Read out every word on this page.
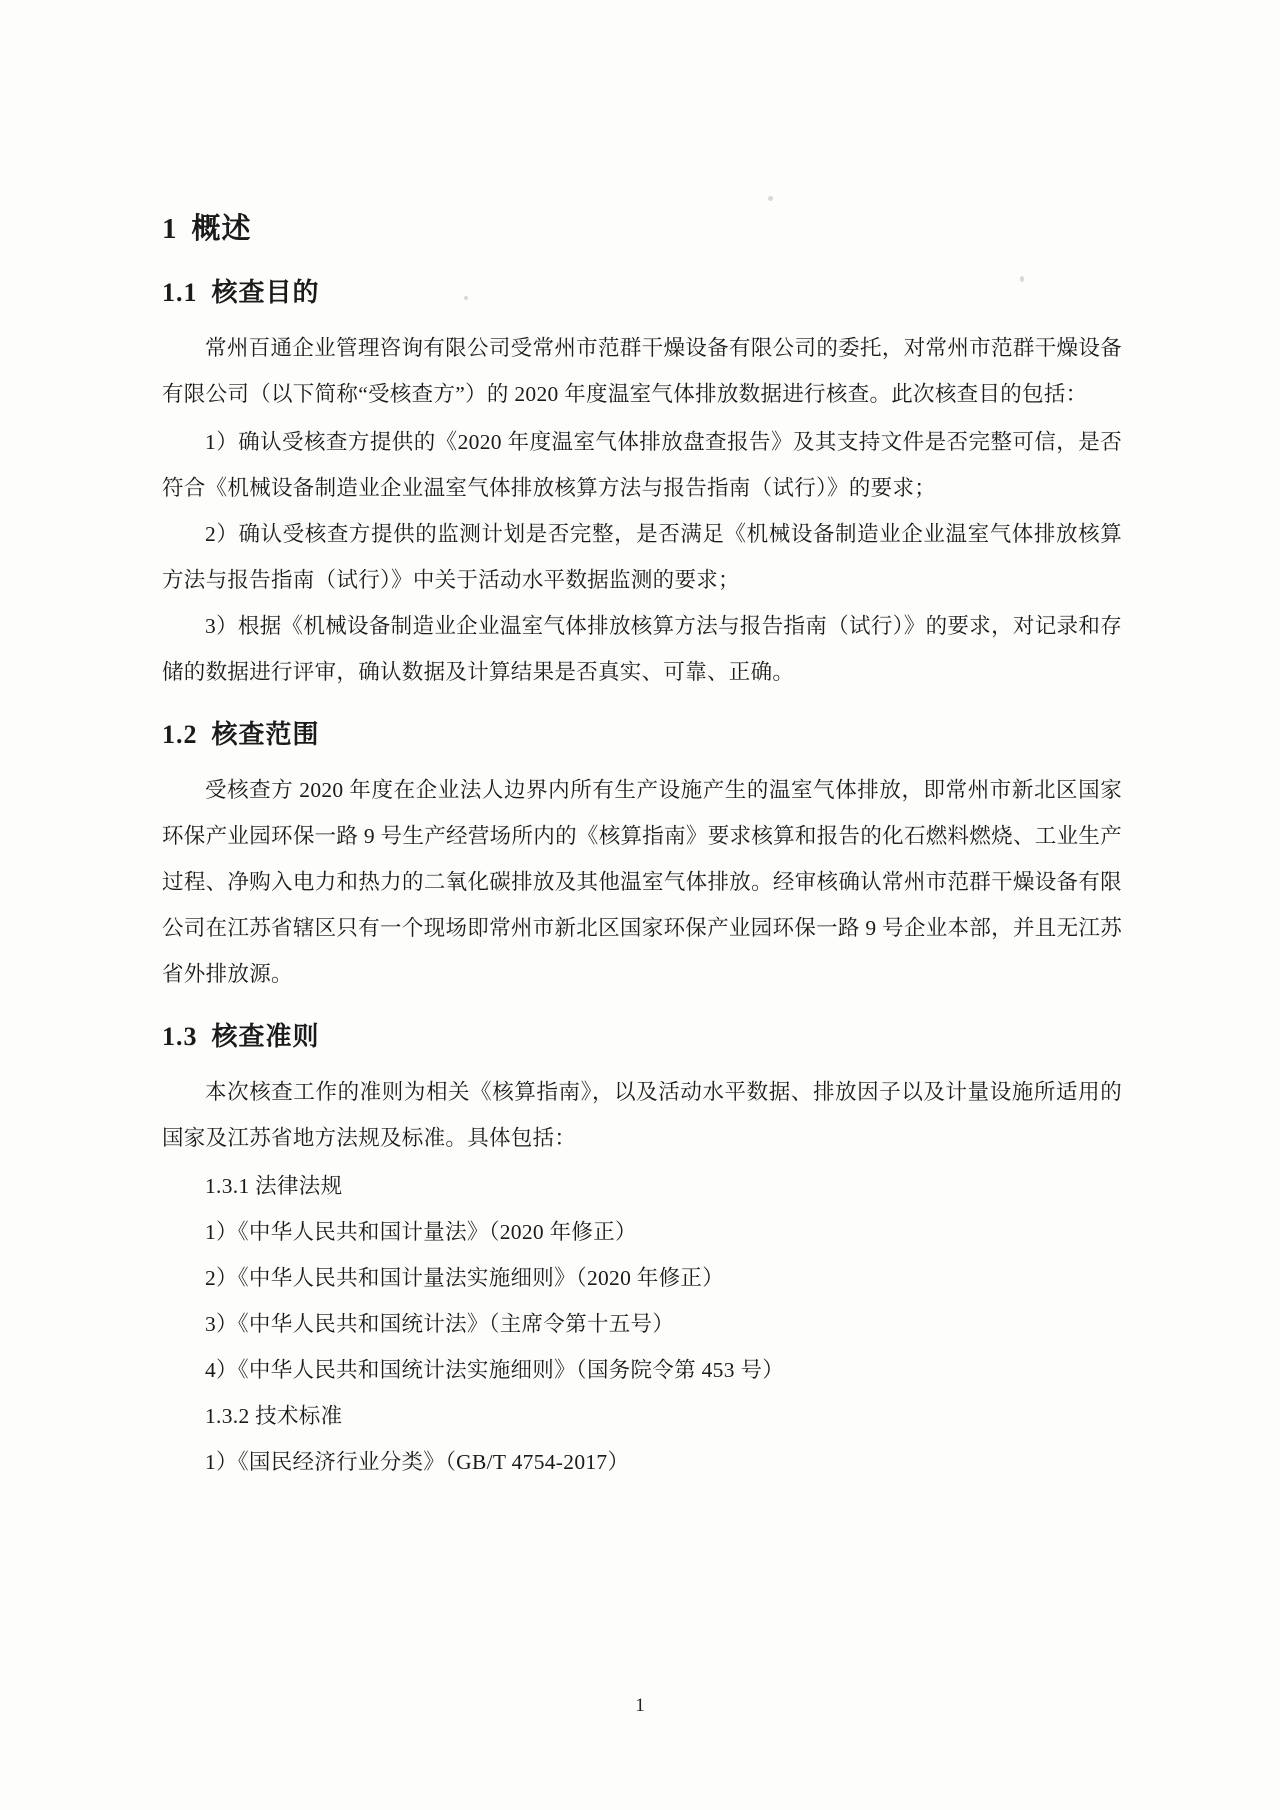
1 概述
1.1 核查目的

常州百通企业管理咨询有限公司受常州市范群干燥设备有限公司的委托，对常州市范群干燥设备有限公司（以下简称“受核查方”）的 2020 年度温室气体排放数据进行核查。此次核查目的包括：

1）确认受核查方提供的《2020 年度温室气体排放盘查报告》及其支持文件是否完整可信，是否符合《机械设备制造业企业温室气体排放核算方法与报告指南（试行）》的要求；

2）确认受核查方提供的监测计划是否完整，是否满足《机械设备制造业企业温室气体排放核算方法与报告指南（试行）》中关于活动水平数据监测的要求；

3）根据《机械设备制造业企业温室气体排放核算方法与报告指南（试行）》的要求，对记录和存储的数据进行评审，确认数据及计算结果是否真实、可靠、正确。

1.2 核查范围

受核查方 2020 年度在企业法人边界内所有生产设施产生的温室气体排放，即常州市新北区国家环保产业园环保一路 9 号生产经营场所内的《核算指南》要求核算和报告的化石燃料燃烧、工业生产过程、净购入电力和热力的二氧化碳排放及其他温室气体排放。经审核确认常州市范群干燥设备有限公司在江苏省辖区只有一个现场即常州市新北区国家环保产业园环保一路 9 号企业本部，并且无江苏省外排放源。

1.3 核查准则

本次核查工作的准则为相关《核算指南》，以及活动水平数据、排放因子以及计量设施所适用的国家及江苏省地方法规及标准。具体包括：

1.3.1 法律法规

1）《中华人民共和国计量法》（2020 年修正）

2）《中华人民共和国计量法实施细则》（2020 年修正）

3）《中华人民共和国统计法》（主席令第十五号）

4）《中华人民共和国统计法实施细则》（国务院令第 453 号）

1.3.2 技术标准

1）《国民经济行业分类》（GB/T 4754-2017）

1
